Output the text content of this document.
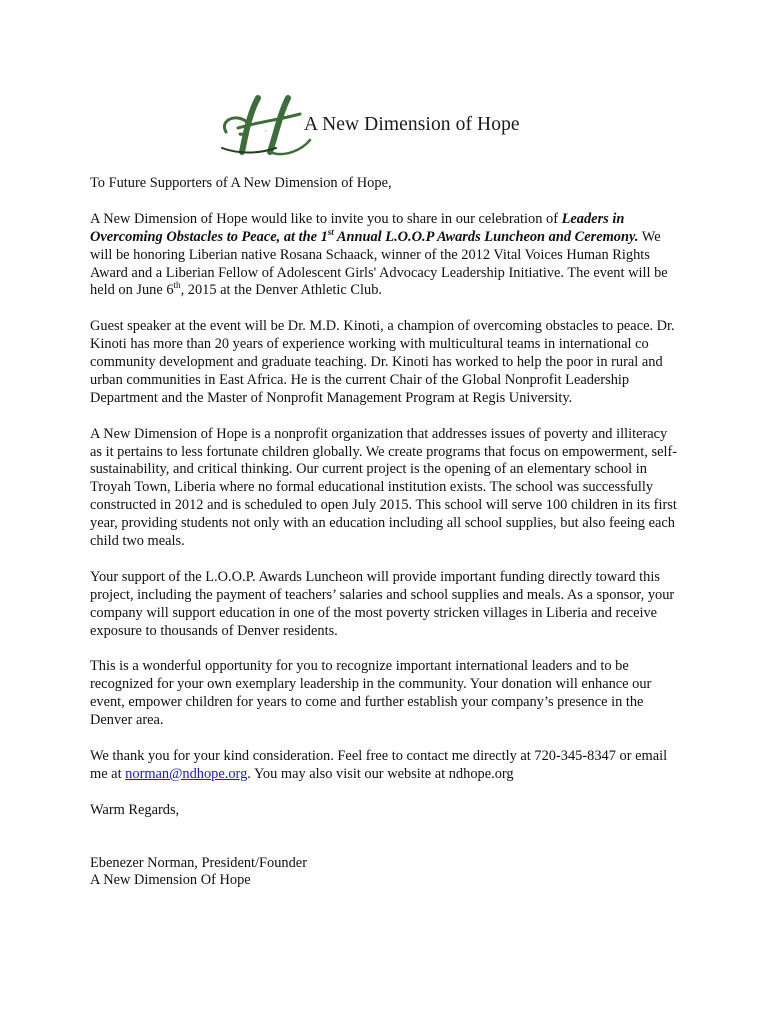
H A New Dimension of Hope

To Future Supporters of A New Dimension of Hope,

A New Dimension of Hope would like to invite you to share in our celebration of Leaders in Overcoming Obstacles to Peace, at the 1st Annual L.O.O.P Awards Luncheon and Ceremony. We will be honoring Liberian native Rosana Schaack, winner of the 2012 Vital Voices Human Rights Award and a Liberian Fellow of Adolescent Girls' Advocacy Leadership Initiative. The event will be held on June 6th, 2015 at the Denver Athletic Club.

Guest speaker at the event will be Dr. M.D. Kinoti, a champion of overcoming obstacles to peace. Dr. Kinoti has more than 20 years of experience working with multicultural teams in international co community development and graduate teaching. Dr. Kinoti has worked to help the poor in rural and urban communities in East Africa. He is the current Chair of the Global Nonprofit Leadership Department and the Master of Nonprofit Management Program at Regis University.

A New Dimension of Hope is a nonprofit organization that addresses issues of poverty and illiteracy as it pertains to less fortunate children globally. We create programs that focus on empowerment, self-sustainability, and critical thinking. Our current project is the opening of an elementary school in Troyah Town, Liberia where no formal educational institution exists. The school was successfully constructed in 2012 and is scheduled to open July 2015. This school will serve 100 children in its first year, providing students not only with an education including all school supplies, but also feeing each child two meals.

Your support of the L.O.O.P. Awards Luncheon will provide important funding directly toward this project, including the payment of teachers’ salaries and school supplies and meals. As a sponsor, your company will support education in one of the most poverty stricken villages in Liberia and receive exposure to thousands of Denver residents.

This is a wonderful opportunity for you to recognize important international leaders and to be recognized for your own exemplary leadership in the community. Your donation will enhance our event, empower children for years to come and further establish your company’s presence in the Denver area.

We thank you for your kind consideration. Feel free to contact me directly at 720-345-8347 or email me at norman@ndhope.org. You may also visit our website at ndhope.org

Warm Regards,

Ebenezer Norman, President/Founder
A New Dimension Of Hope
